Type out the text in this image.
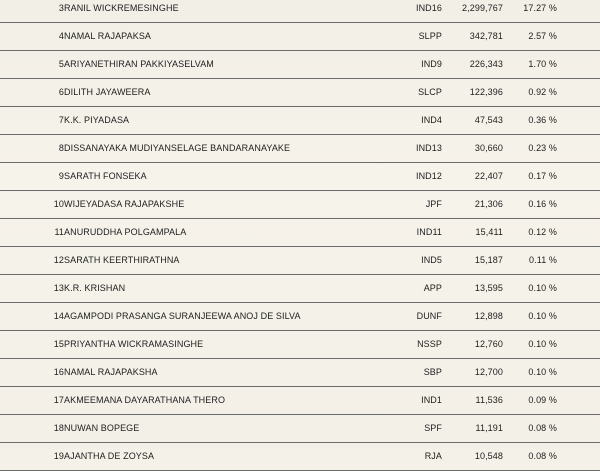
3 RANIL WICKREMESINGHE	IND16	2,299,767	17.27 %
4 NAMAL RAJAPAKSA	SLPP	342,781	2.57 %
5 ARIYANETHIRAN PAKKIYASELVAM	IND9	226,343	1.70 %
6 DILITH JAYAWEERA	SLCP	122,396	0.92 %
7 K.K. PIYADASA	IND4	47,543	0.36 %
8 DISSANAYAKA MUDIYANSELAGE BANDARANAYAKE	IND13	30,660	0.23 %
9 SARATH FONSEKA	IND12	22,407	0.17 %
10 WIJEYADASA RAJAPAKSHE	JPF	21,306	0.16 %
11 ANURUDDHA POLGAMPALA	IND11	15,411	0.12 %
12 SARATH KEERTHIRATHNA	IND5	15,187	0.11 %
13 K.R. KRISHAN	APP	13,595	0.10 %
14 AGAMPODI PRASANGA SURANJEEWA ANOJ DE SILVA	DUNF	12,898	0.10 %
15 PRIYANTHA WICKRAMASINGHE	NSSP	12,760	0.10 %
16 NAMAL RAJAPAKSHA	SBP	12,700	0.10 %
17 AKMEEMANA DAYARATHANA THERO	IND1	11,536	0.09 %
18 NUWAN BOPEGE	SPF	11,191	0.08 %
19 AJANTHA DE ZOYSA	RJA	10,548	0.08 %
